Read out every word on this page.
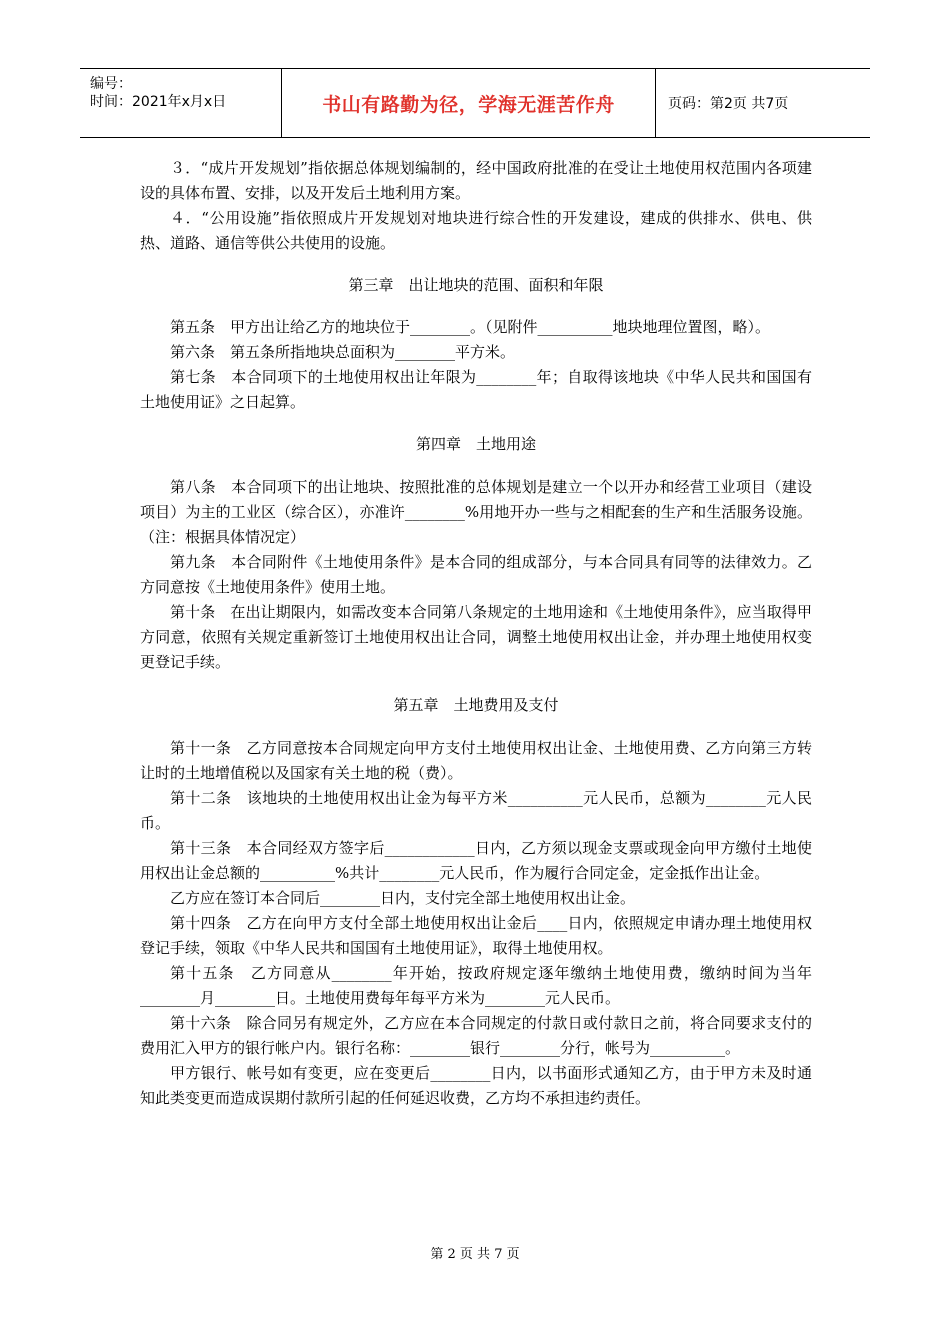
编号：
时间：2021年x月x日	书山有路勤为径，学海无涯苦作舟	页码：第2页 共7页

３．“成片开发规划”指依据总体规划编制的，经中国政府批准的在受让土地使用权范围内各项建设的具体布置、安排，以及开发后土地利用方案。

４．“公用设施”指依照成片开发规划对地块进行综合性的开发建设，建成的供排水、供电、供热、道路、通信等供公共使用的设施。

第三章　出让地块的范围、面积和年限

第五条　甲方出让给乙方的地块位于________。（见附件__________地块地理位置图，略）。

第六条　第五条所指地块总面积为________平方米。

第七条　本合同项下的土地使用权出让年限为________年；自取得该地块《中华人民共和国国有土地使用证》之日起算。

第四章　土地用途

第八条　本合同项下的出让地块、按照批准的总体规划是建立一个以开办和经营工业项目（建设项目）为主的工业区（综合区），亦准许________%用地开办一些与之相配套的生产和生活服务设施。（注：根据具体情况定）

第九条　本合同附件《土地使用条件》是本合同的组成部分，与本合同具有同等的法律效力。乙方同意按《土地使用条件》使用土地。

第十条　在出让期限内，如需改变本合同第八条规定的土地用途和《土地使用条件》，应当取得甲方同意，依照有关规定重新签订土地使用权出让合同，调整土地使用权出让金，并办理土地使用权变更登记手续。

第五章　土地费用及支付

第十一条　乙方同意按本合同规定向甲方支付土地使用权出让金、土地使用费、乙方向第三方转让时的土地增值税以及国家有关土地的税（费）。

第十二条　该地块的土地使用权出让金为每平方米__________元人民币，总额为________元人民币。

第十三条　本合同经双方签字后____________日内，乙方须以现金支票或现金向甲方缴付土地使用权出让金总额的__________%共计________元人民币，作为履行合同定金，定金抵作出让金。

乙方应在签订本合同后________日内，支付完全部土地使用权出让金。

第十四条　乙方在向甲方支付全部土地使用权出让金后____日内，依照规定申请办理土地使用权登记手续，领取《中华人民共和国国有土地使用证》，取得土地使用权。

第十五条　乙方同意从________年开始，按政府规定逐年缴纳土地使用费，缴纳时间为当年________月________日。土地使用费每年每平方米为________元人民币。

第十六条　除合同另有规定外，乙方应在本合同规定的付款日或付款日之前，将合同要求支付的费用汇入甲方的银行帐户内。银行名称：________银行________分行，帐号为__________。

甲方银行、帐号如有变更，应在变更后________日内，以书面形式通知乙方，由于甲方未及时通知此类变更而造成误期付款所引起的任何延迟收费，乙方均不承担违约责任。

第 2 页 共 7 页
